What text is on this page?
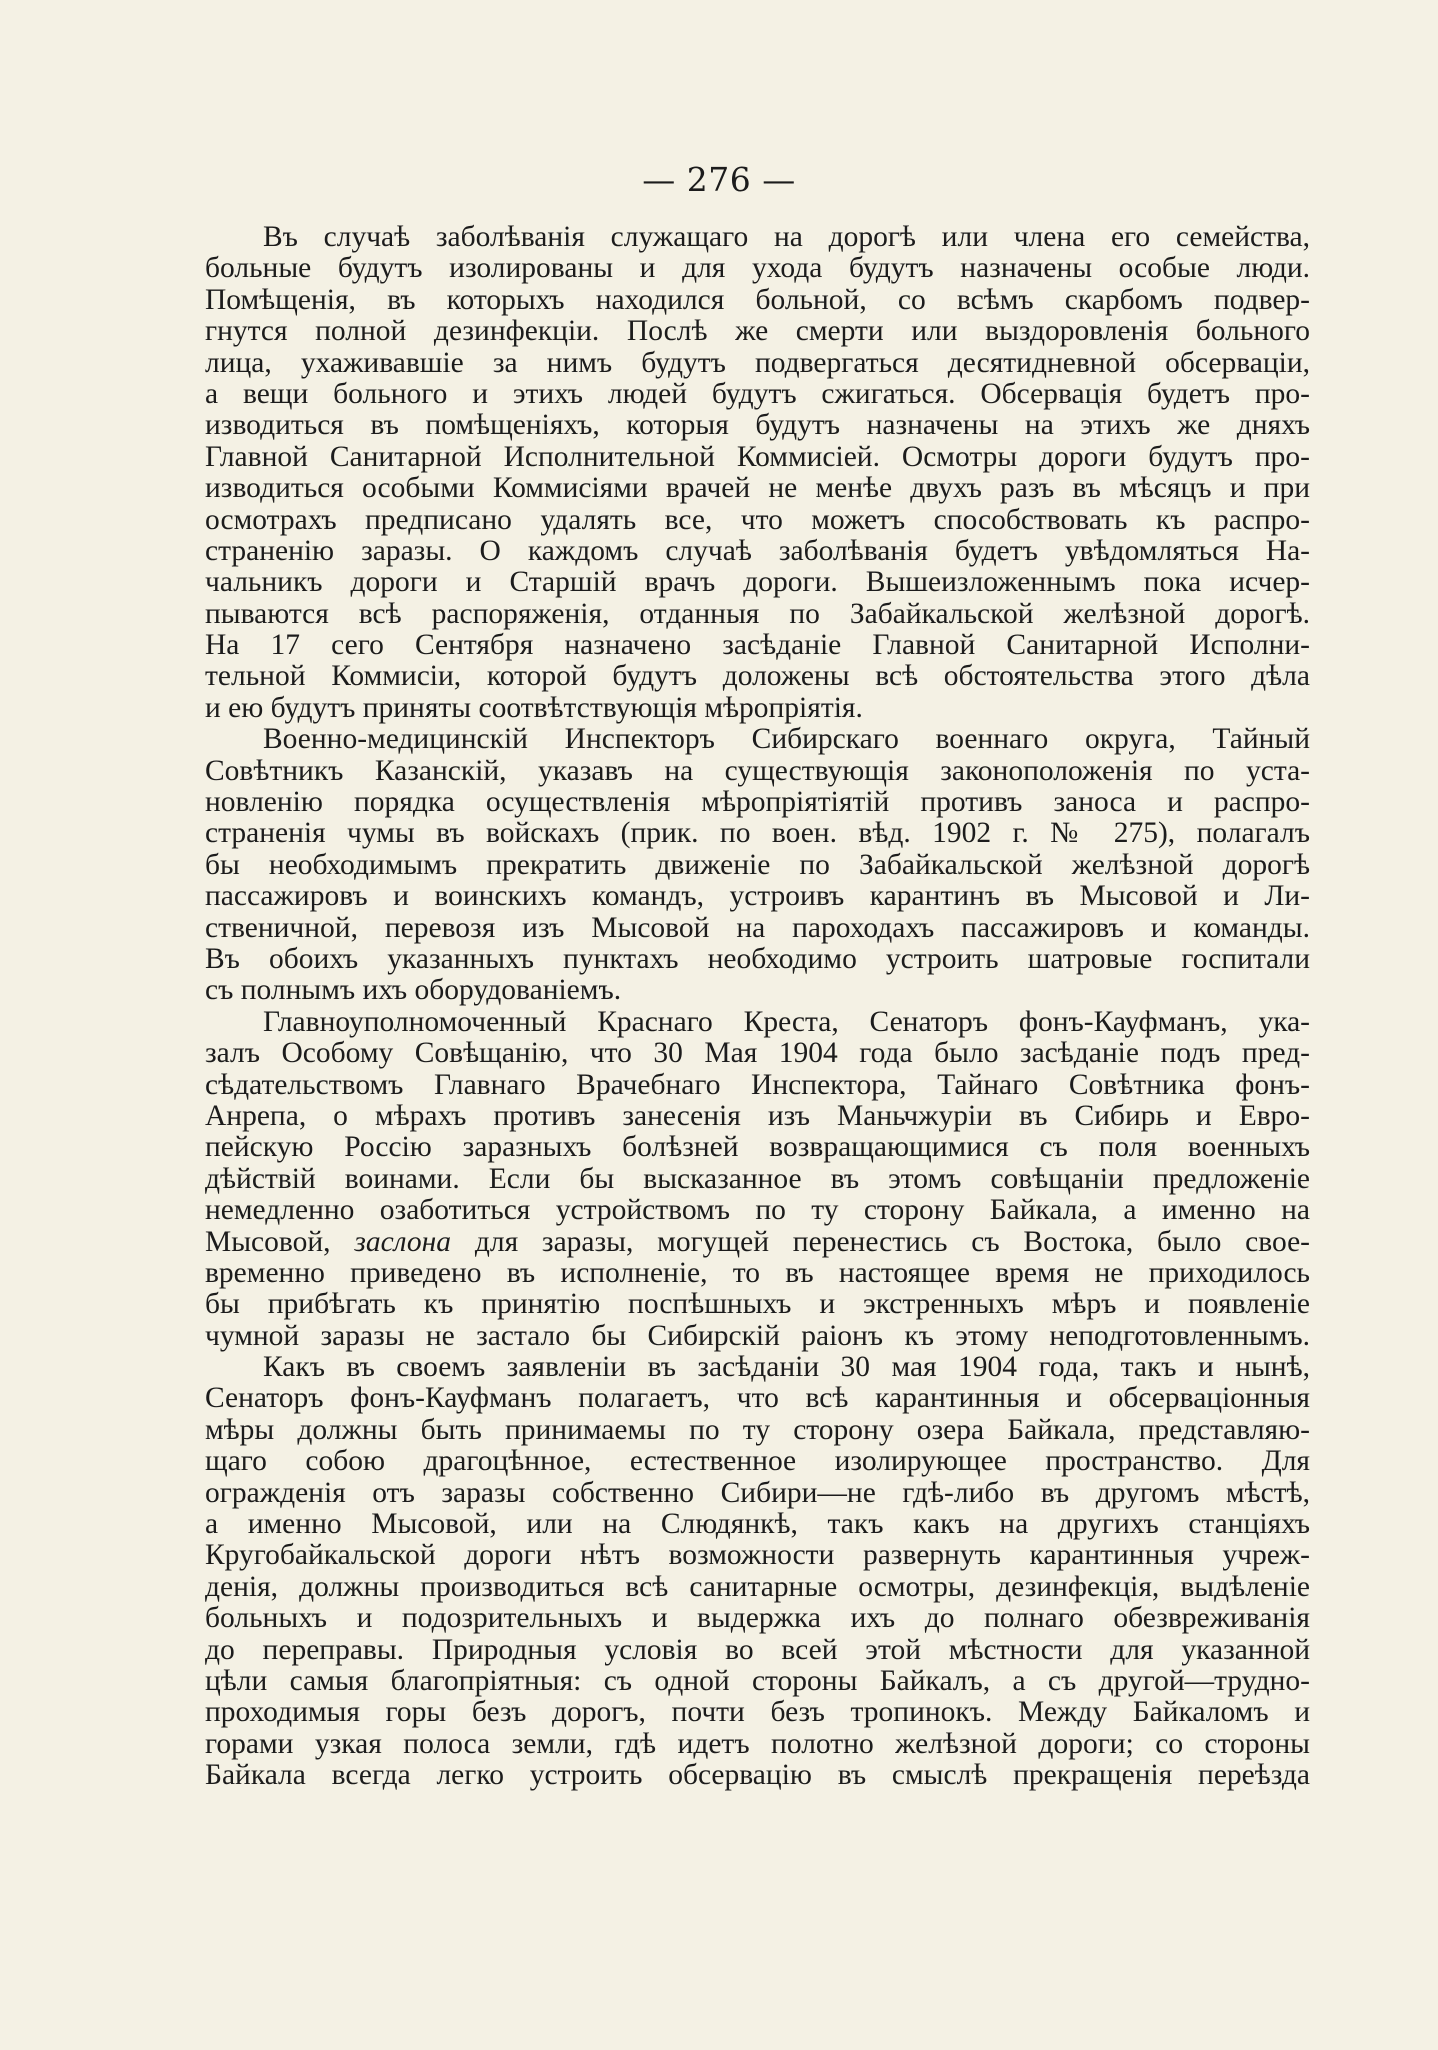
— 276 —
Въ случаѣ заболѣванія служащаго на дорогѣ или члена его семейства,
больные будутъ изолированы и для ухода будутъ назначены особые люди.
Помѣщенія, въ которыхъ находился больной, со всѣмъ скарбомъ подвер-
гнутся полной дезинфекціи. Послѣ же смерти или выздоровленія больного
лица, ухаживавшіе за нимъ будутъ подвергаться десятидневной обсерваціи,
а вещи больного и этихъ людей будутъ сжигаться. Обсервація будетъ про-
изводиться въ помѣщеніяхъ, которыя будутъ назначены на этихъ же дняхъ
Главной Санитарной Исполнительной Коммисіей. Осмотры дороги будутъ про-
изводиться особыми Коммисіями врачей не менѣе двухъ разъ въ мѣсяцъ и при
осмотрахъ предписано удалять все, что можетъ способствовать къ распро-
страненію заразы. О каждомъ случаѣ заболѣванія будетъ увѣдомляться На-
чальникъ дороги и Старшій врачъ дороги. Вышеизложеннымъ пока исчер-
пываются всѣ распоряженія, отданныя по Забайкальской желѣзной дорогѣ.
На 17 сего Сентября назначено засѣданіе Главной Санитарной Исполни-
тельной Коммисіи, которой будутъ доложены всѣ обстоятельства этого дѣла
и ею будутъ приняты соотвѣтствующія мѣропріятія.
Военно-медицинскій Инспекторъ Сибирскаго военнаго округа, Тайный
Совѣтникъ Казанскій, указавъ на существующія законоположенія по уста-
новленію порядка осуществленія мѣропріятіятій противъ заноса и распро-
страненія чумы въ войскахъ (прик. по воен. вѣд. 1902 г. № 275), полагалъ
бы необходимымъ прекратить движеніе по Забайкальской желѣзной дорогѣ
пассажировъ и воинскихъ командъ, устроивъ карантинъ въ Мысовой и Ли-
ственичной, перевозя изъ Мысовой на пароходахъ пассажировъ и команды.
Въ обоихъ указанныхъ пунктахъ необходимо устроить шатровые госпитали
съ полнымъ ихъ оборудованіемъ.
Главноуполномоченный Краснаго Креста, Сенаторъ фонъ-Кауфманъ, ука-
залъ Особому Совѣщанію, что 30 Мая 1904 года было засѣданіе подъ пред-
сѣдательствомъ Главнаго Врачебнаго Инспектора, Тайнаго Совѣтника фонъ-
Анрепа, о мѣрахъ противъ занесенія изъ Маньчжуріи въ Сибирь и Евро-
пейскую Россію заразныхъ болѣзней возвращающимися съ поля военныхъ
дѣйствій воинами. Если бы высказанное въ этомъ совѣщаніи предложеніе
немедленно озаботиться устройствомъ по ту сторону Байкала, а именно на
Мысовой, заслона для заразы, могущей перенестись съ Востока, было свое-
временно приведено въ исполненіе, то въ настоящее время не приходилось
бы прибѣгать къ принятію поспѣшныхъ и экстренныхъ мѣръ и появленіе
чумной заразы не застало бы Сибирскій раіонъ къ этому неподготовленнымъ.
Какъ въ своемъ заявленіи въ засѣданіи 30 мая 1904 года, такъ и нынѣ,
Сенаторъ фонъ-Кауфманъ полагаетъ, что всѣ карантинныя и обсерваціонныя
мѣры должны быть принимаемы по ту сторону озера Байкала, представляю-
щаго собою драгоцѣнное, естественное изолирующее пространство. Для
огражденія отъ заразы собственно Сибири—не гдѣ-либо въ другомъ мѣстѣ,
а именно Мысовой, или на Слюдянкѣ, такъ какъ на другихъ станціяхъ
Кругобайкальской дороги нѣтъ возможности развернуть карантинныя учреж-
денія, должны производиться всѣ санитарные осмотры, дезинфекція, выдѣленіе
больныхъ и подозрительныхъ и выдержка ихъ до полнаго обезвреживанія
до переправы. Природныя условія во всей этой мѣстности для указанной
цѣли самыя благопріятныя: съ одной стороны Байкалъ, а съ другой—трудно-
проходимыя горы безъ дорогъ, почти безъ тропинокъ. Между Байкаломъ и
горами узкая полоса земли, гдѣ идетъ полотно желѣзной дороги; со стороны
Байкала всегда легко устроить обсервацію въ смыслѣ прекращенія переѣзда
